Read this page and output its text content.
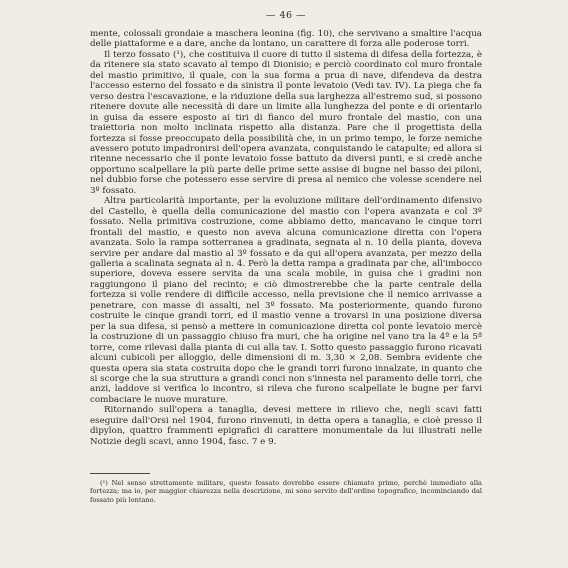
— 46 —

mente, colossali grondaie a maschera leonina (fig. 10), che servivano a smaltire l'acqua delle piattaforme e a dare, anche da lontano, un carattere di forza alle poderose torri.

Il terzo fossato (¹), che costituiva il cuore di tutto il sistema di difesa della fortezza, è da ritenere sia stato scavato al tempo di Dionisio; e perciò coordinato col muro frontale del mastio primitivo, il quale, con la sua forma a prua di nave, difendeva da destra l'accesso esterno del fossato e da sinistra il ponte levatoio (Vedi tav. IV). La piega che fa verso destra l'escavazione, e la riduzione della sua larghezza all'estremo sud, si possono ritenere dovute alle necessità di dare un limite alla lunghezza del ponte e di orientarlo in guisa da essere esposto ai tiri di fianco del muro frontale del mastio, con una traiettoria non molto inclinata rispetto alla distanza. Pare che il progettista della fortezza si fosse preoccupato della possibilità che, in un primo tempo, le forze nemiche avessero potuto impadronirsi dell'opera avanzata, conquistando le catapulte; ed allora si ritenne necessario che il ponte levatoio fosse battuto da diversi punti, e si credè anche opportuno scalpellare la più parte delle prime sette assise di bugne nel basso dei piloni, nel dubbio forse che potessero esse servire di presa al nemico che volesse scendere nel 3º fossato.

Altra particolarità importante, per la evoluzione militare dell'ordinamento difensivo del Castello, è quella della comunicazione del mastio con l'opera avanzata e col 3º fossato. Nella primitiva costruzione, come abbiamo detto, mancavano le cinque torri frontali del mastio, e questo non aveva alcuna comunicazione diretta con l'opera avanzata. Solo la rampa sotterranea a gradinata, segnata al n. 10 della pianta, doveva servire per andare dal mastio al 3º fossato e da qui all'opera avanzata, per mezzo della galleria a scalinata segnata al n. 4. Però la detta rampa a gradinata par che, all'imbocco superiore, doveva essere servita da una scala mobile, in guisa che i gradini non raggiungono il piano del recinto; e ciò dimostrerebbe che la parte centrale della fortezza si volle rendere di difficile accesso, nella previsione che il nemico arrivasse a penetrare, con masse di assalti, nel 3º fossato. Ma posteriormente, quando furono costruite le cinque grandi torri, ed il mastio venne a trovarsi in una posizione diversa per la sua difesa, si pensò a mettere in comunicazione diretta col ponte levatoio mercè la costruzione di un passaggio chiuso fra muri, che ha origine nel vano tra la 4ª e la 5ª torre, come rilevasi dalla pianta di cui alla tav. I. Sotto questo passaggio furono ricavati alcuni cubicoli per alloggio, delle dimensioni di m. 3,30 × 2,08. Sembra evidente che questa opera sia stata costruita dopo che le grandi torri furono innalzate, in quanto che si scorge che la sua struttura a grandi conci non s'innesta nel paramento delle torri, che anzi, laddove si verifica lo incontro, si rileva che furono scalpellate le bugne per farvi combaciare le nuove murature.

Ritornando sull'opera a tanaglia, devesi mettere in rilievo che, negli scavi fatti eseguire dall'Orsi nel 1904, furono rinvenuti, in detta opera a tanaglia, e cioè presso il dipylon, quattro frammenti epigrafici di carattere monumentale da lui illustrati nelle Notizie degli scavi, anno 1904, fasc. 7 e 9.

(¹) Nel senso strettamente militare, questo fossato dovrebbe essere chiamato primo, perchè immediato alla fortezza; ma io, per maggior chiarezza nella descrizione, mi sono servito dell'ordine topografico, incominciando dal fossato più lontano.
